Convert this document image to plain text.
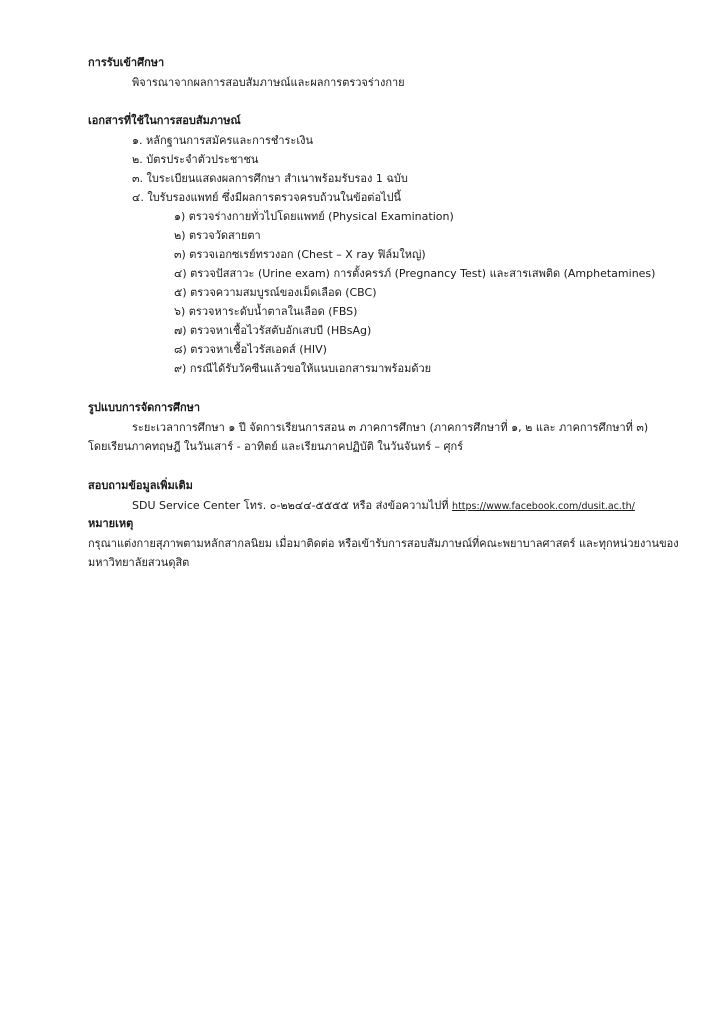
การรับเข้าศึกษา
พิจารณาจากผลการสอบสัมภาษณ์และผลการตรวจร่างกาย
เอกสารที่ใช้ในการสอบสัมภาษณ์
๑. หลักฐานการสมัครและการชำระเงิน
๒. บัตรประจำตัวประชาชน
๓. ใบระเบียนแสดงผลการศึกษา สำเนาพร้อมรับรอง 1 ฉบับ
๔. ใบรับรองแพทย์ ซึ่งมีผลการตรวจครบถ้วนในข้อต่อไปนี้
๑) ตรวจร่างกายทั่วไปโดยแพทย์ (Physical Examination)
๒) ตรวจวัดสายตา
๓) ตรวจเอกซเรย์ทรวงอก (Chest – X ray ฟิล์มใหญ่)
๔) ตรวจปัสสาวะ (Urine exam) การตั้งครรภ์ (Pregnancy Test) และสารเสพติด (Amphetamines)
๕) ตรวจความสมบูรณ์ของเม็ดเลือด (CBC)
๖) ตรวจหาระดับน้ำตาลในเลือด (FBS)
๗) ตรวจหาเชื้อไวรัสตับอักเสบบี (HBsAg)
๘) ตรวจหาเชื้อไวรัสเอดส์ (HIV)
๙) กรณีได้รับวัคซีนแล้วขอให้แนบเอกสารมาพร้อมด้วย
รูปแบบการจัดการศึกษา
ระยะเวลาการศึกษา ๑ ปี จัดการเรียนการสอน ๓ ภาคการศึกษา (ภาคการศึกษาที่ ๑, ๒ และ ภาคการศึกษาที่ ๓)
โดยเรียนภาคทฤษฎี ในวันเสาร์ - อาทิตย์ และเรียนภาคปฏิบัติ ในวันจันทร์ – ศุกร์
สอบถามข้อมูลเพิ่มเติม
SDU Service Center โทร. ๐-๒๒๔๔-๕๕๕๕ หรือ ส่งข้อความไปที่ https://www.facebook.com/dusit.ac.th/
หมายเหตุ
กรุณาแต่งกายสุภาพตามหลักสากลนิยม เมื่อมาติดต่อ หรือเข้ารับการสอบสัมภาษณ์ที่คณะพยาบาลศาสตร์ และทุกหน่วยงานของ
มหาวิทยาลัยสวนดุสิต
